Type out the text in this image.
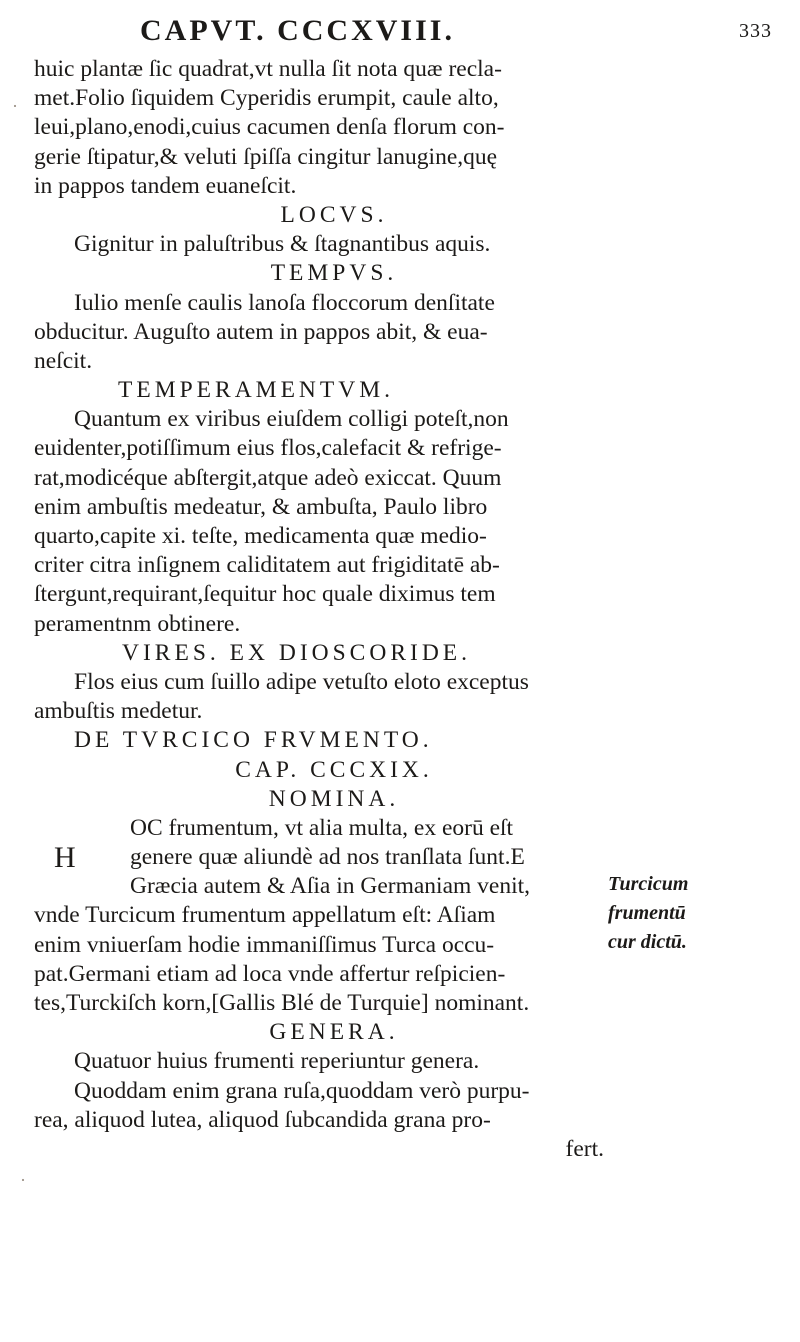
CAPVT. CCCXVIII.	333
huic plantæ ſic quadrat,vt nulla ſit nota quæ recla-
met.Folio ſiquidem Cyperidis erumpit, caule alto,
leui,plano,enodi,cuius cacumen denſa florum con-
gerie ſtipatur,& veluti ſpiſſa cingitur lanugine,quę
in pappos tandem euaneſcit.
LOCVS.
Gignitur in paluſtribus & ſtagnantibus aquis.
TEMPVS.
Iulio menſe caulis lanoſa floccorum denſitate
obducitur. Auguſto autem in pappos abit, & eua-
neſcit.
TEMPERAMENTVM.
Quantum ex viribus eiuſdem colligi poteſt,non
euidenter,potiſſimum eius flos,calefacit & refrige-
rat,modicéque abſtergit,atque adeò exiccat. Quum
enim ambuſtis medeatur, & ambuſta, Paulo libro
quarto,capite xi. teſte, medicamenta quæ medio-
criter citra inſignem caliditatem aut frigiditatē ab-
ſtergunt,requirant,ſequitur hoc quale diximus tem
peramentnm obtinere.
VIRES. EX DIOSCORIDE.
Flos eius cum ſuillo adipe vetuſto eloto exceptus
ambuſtis medetur.
DE TVRCICO FRVMENTO.
CAP. CCCXIX.
NOMINA.
OC frumentum, vt alia multa, ex eorū eſt
H	genere quæ aliundè ad nos tranſlata ſunt.E
Græcia autem & Aſia in Germaniam venit,
vnde Turcicum frumentum appellatum eſt: Aſiam
enim vniuerſam hodie immaniſſimus Turca occu-
pat.Germani etiam ad loca vnde affertur reſpicien-
tes,Turckiſch korn,[Gallis Blé de Turquie] nominant.
GENERA.
Quatuor huius frumenti reperiuntur genera.
Quoddam enim grana ruſa,quoddam verò purpu-
rea, aliquod lutea, aliquod ſubcandida grana pro-
fert.
Turcicum
frumentū
cur dictū.
·
·
